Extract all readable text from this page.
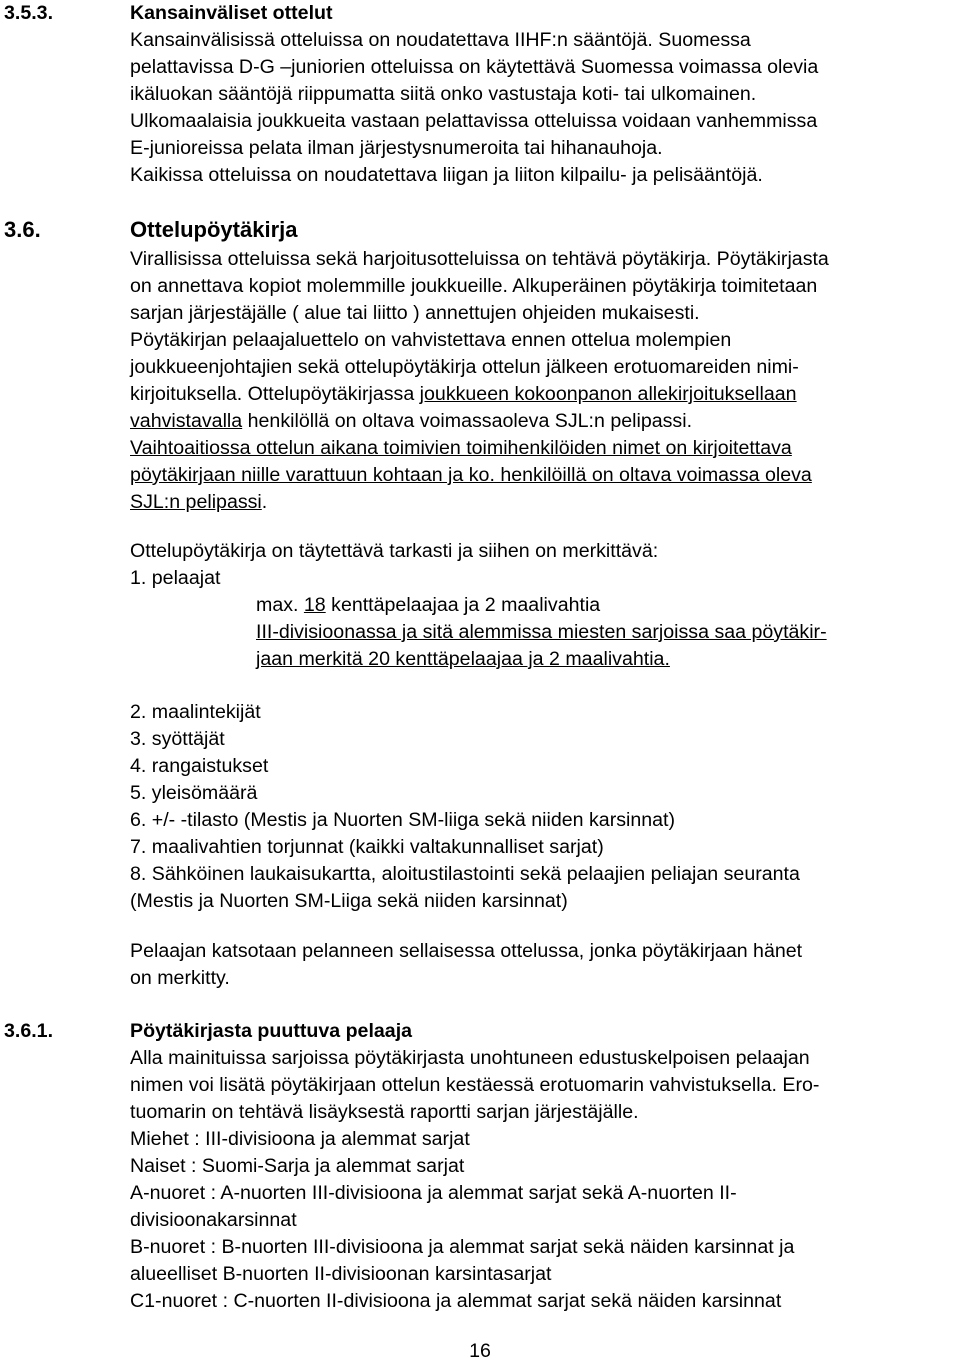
3.5.3.	Kansainväliset ottelut
Kansainvälisissä otteluissa on noudatettava IIHF:n sääntöjä. Suomessa
pelattavissa D-G –juniorien otteluissa on käytettävä Suomessa voimassa olevia
ikäluokan sääntöjä riippumatta siitä onko vastustaja koti- tai ulkomainen.
Ulkomaalaisia joukkueita vastaan pelattavissa otteluissa voidaan vanhemmissa
E-junioreissa pelata ilman järjestysnumeroita tai hihanauhoja.
Kaikissa otteluissa on noudatettava liigan ja liiton kilpailu- ja pelisääntöjä.
3.6.	Ottelupöytäkirja
Virallisissa otteluissa sekä harjoitusotteluissa on tehtävä pöytäkirja. Pöytäkirjasta
on annettava kopiot molemmille joukkueille. Alkuperäinen pöytäkirja toimitetaan
sarjan järjestäjälle ( alue tai liitto ) annettujen ohjeiden mukaisesti.
Pöytäkirjan pelaajaluettelo on vahvistettava ennen ottelua molempien
joukkueenjohtajien sekä ottelupöytäkirja ottelun jälkeen erotuomareiden nimi-
kirjoituksella. Ottelupöytäkirjassa joukkueen kokoonpanon allekirjoituksellaan
vahvistavalla henkilöllä on oltava voimassaoleva SJL:n pelipassi.
Vaihtoaitiossa ottelun aikana toimivien toimihenkilöiden nimet on kirjoitettava
pöytäkirjaan niille varattuun kohtaan ja ko. henkilöillä on oltava voimassa oleva
SJL:n pelipassi.
Ottelupöytäkirja on täytettävä tarkasti ja siihen on merkittävä:
1. pelaajat
max. 18 kenttäpelaajaa ja 2 maalivahtia
III-divisioonassa ja sitä alemmissa miesten sarjoissa saa pöytäkir-
jaan merkitä 20 kenttäpelaajaa ja 2 maalivahtia.
2. maalintekijät
3. syöttäjät
4. rangaistukset
5. yleisömäärä
6. +/- -tilasto (Mestis ja Nuorten SM-liiga sekä niiden karsinnat)
7. maalivahtien torjunnat (kaikki valtakunnalliset sarjat)
8. Sähköinen laukaisukartta, aloitustilastointi sekä pelaajien peliajan seuranta
(Mestis ja Nuorten SM-Liiga sekä niiden karsinnat)
Pelaajan katsotaan pelanneen sellaisessa ottelussa, jonka pöytäkirjaan hänet
on merkitty.
3.6.1.	Pöytäkirjasta puuttuva pelaaja
Alla mainituissa sarjoissa pöytäkirjasta unohtuneen edustuskelpoisen pelaajan
nimen voi lisätä pöytäkirjaan ottelun kestäessä erotuomarin vahvistuksella. Ero-
tuomarin on tehtävä lisäyksestä raportti sarjan järjestäjälle.
Miehet : III-divisioona ja alemmat sarjat
Naiset : Suomi-Sarja ja alemmat sarjat
A-nuoret : A-nuorten III-divisioona ja alemmat sarjat sekä A-nuorten II-
divisioonakarsinnat
B-nuoret : B-nuorten III-divisioona ja alemmat sarjat sekä näiden karsinnat ja
alueelliset B-nuorten II-divisioonan karsintasarjat
C1-nuoret : C-nuorten II-divisioona ja alemmat sarjat sekä näiden karsinnat
16
